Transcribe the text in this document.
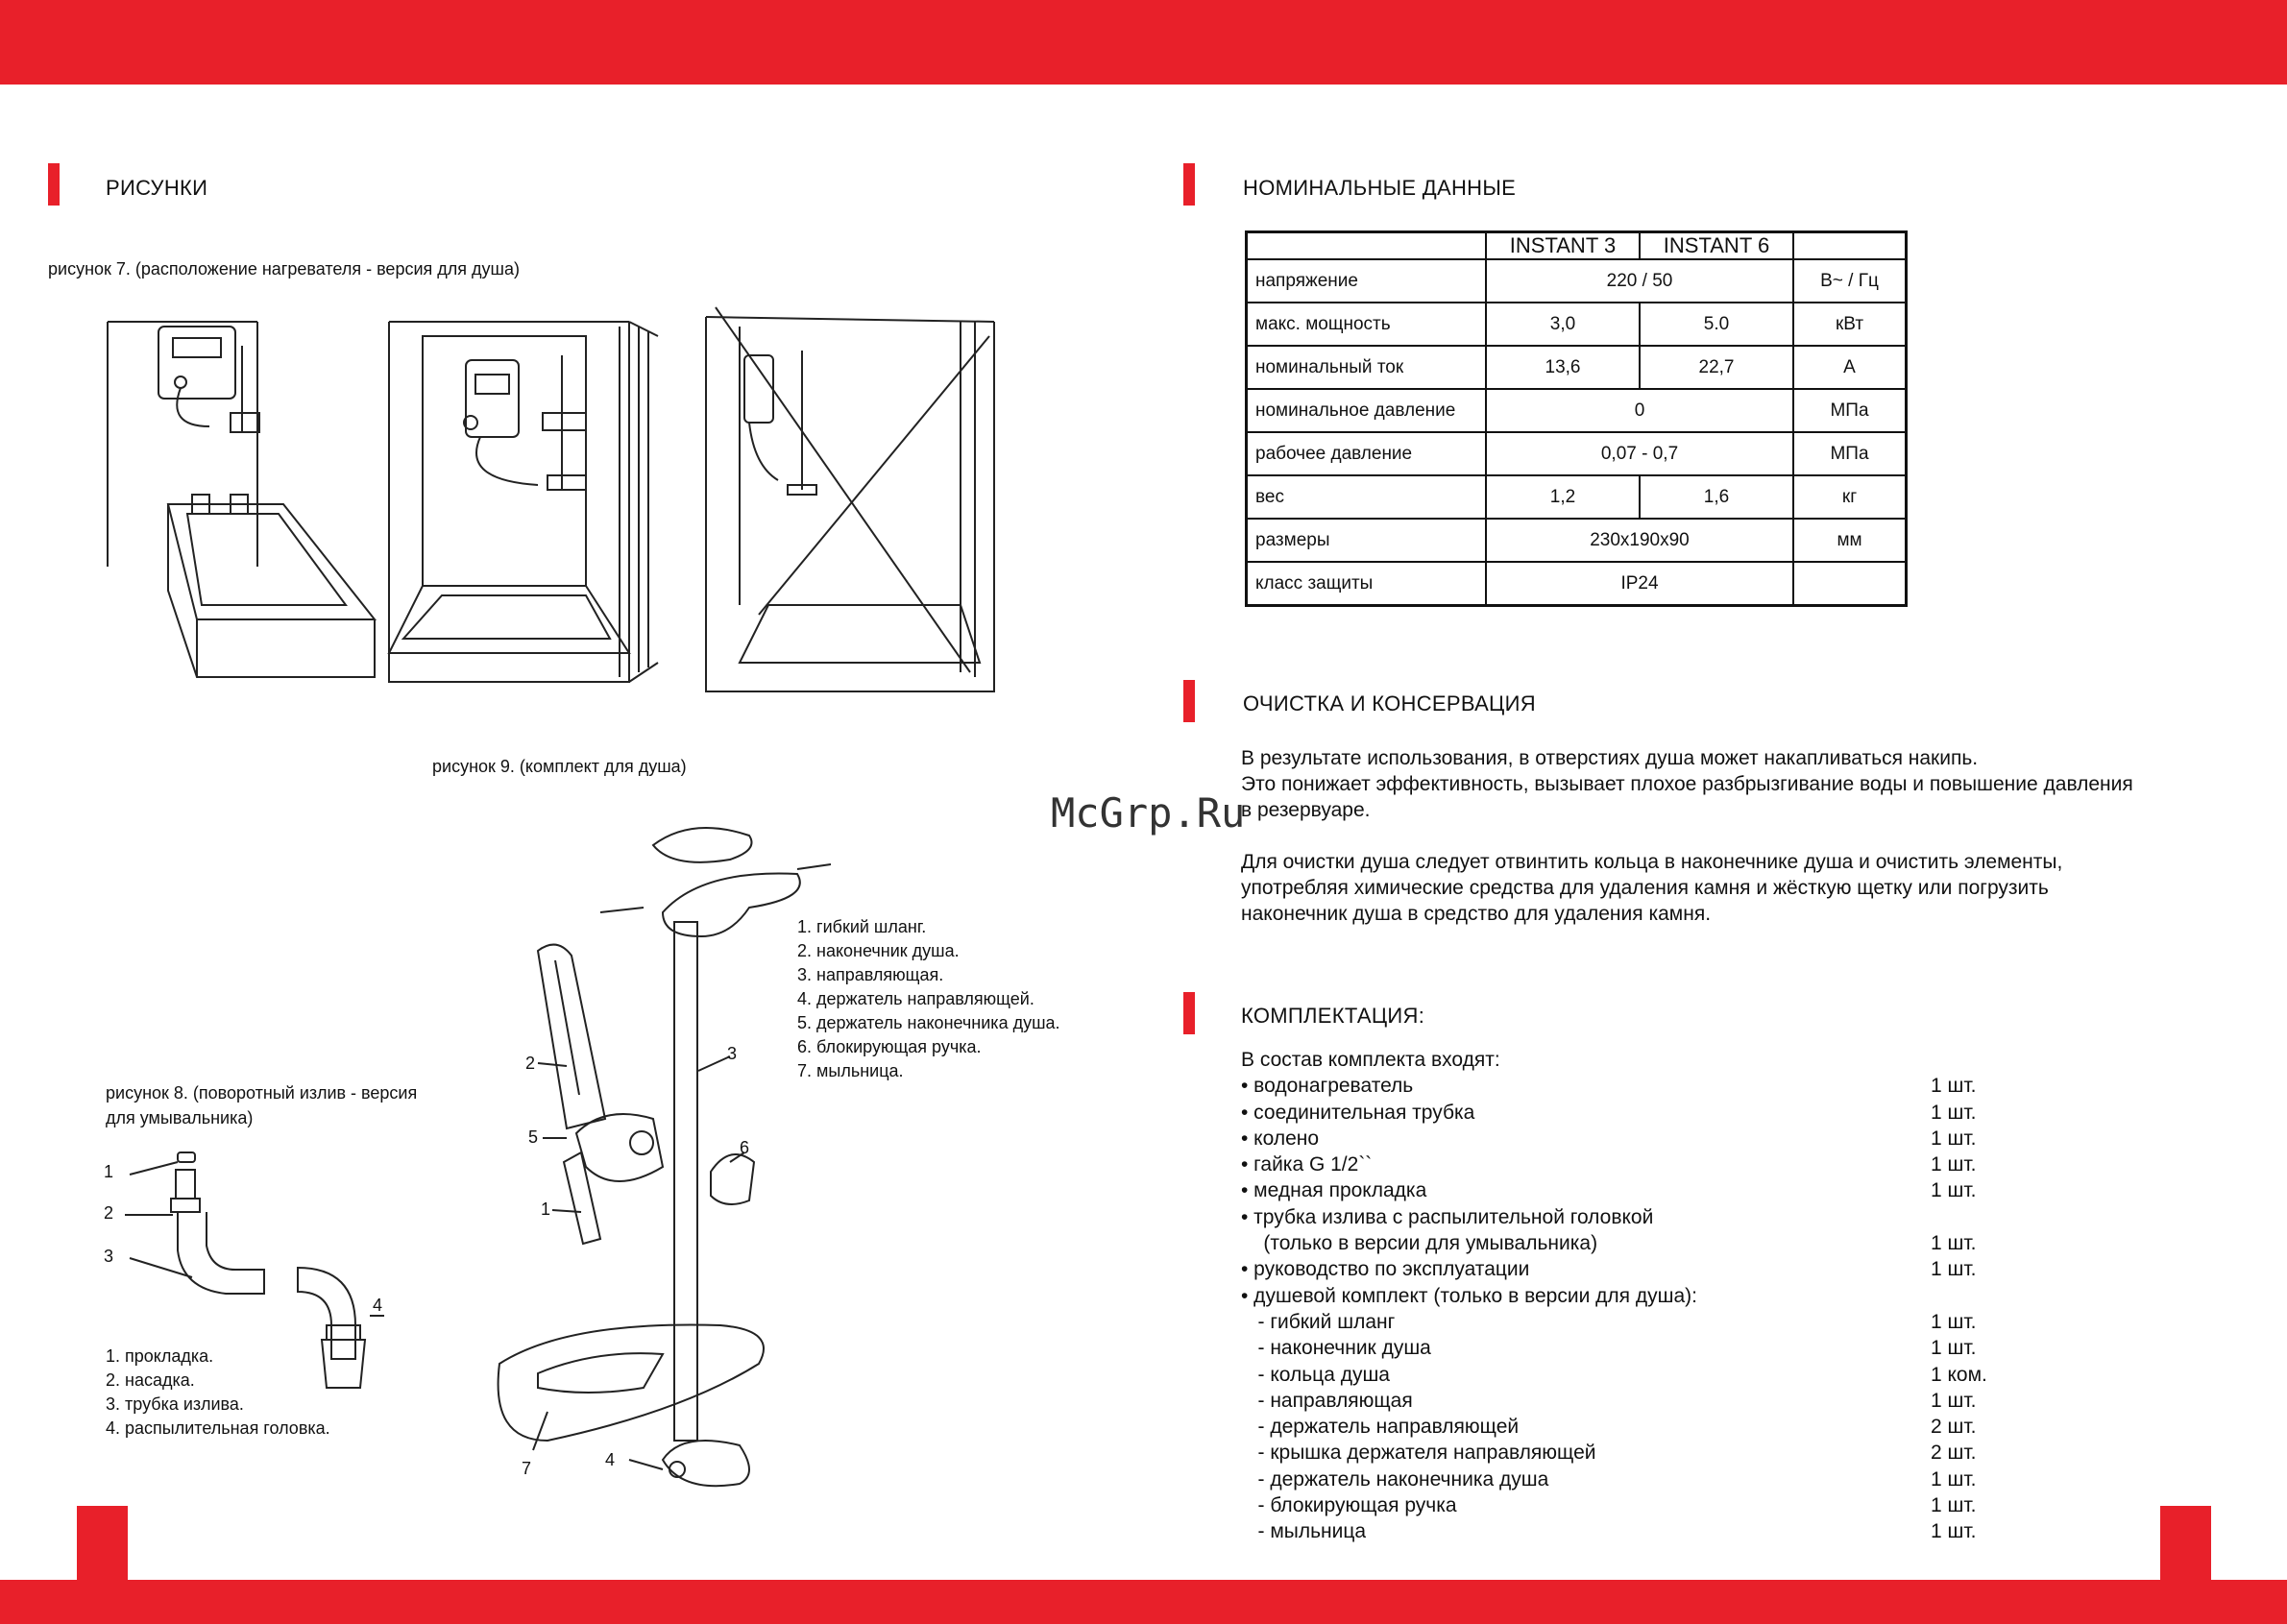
РИСУНКИ
рисунок 7. (расположение нагревателя - версия для душа)
рисунок 9. (комплект для душа)
рисунок 8. (поворотный излив - версия
для умывальника)
1. гибкий шланг.
2. наконечник душа.
3. направляющая.
4. держатель направляющей.
5. держатель наконечника душа.
6. блокирующая ручка.
7. мыльница.
1. прокладка.
2. насадка.
3. трубка излива.
4. распылительная головка.
1
2
3
4
1
2	3
4
5
6
7
McGrp.Ru
НОМИНАЛЬНЫЕ ДАННЫЕ
	INSTANT 3	INSTANT 6	
напряжение	220 / 50		В~ / Гц
макс. мощность	3,0	5.0	кВт
номинальный ток	13,6	22,7	А
номинальное давление	0		МПа
рабочее давление	0,07 - 0,7		МПа
вес	1,2	1,6	кг
размеры	230x190x90		мм
класс защиты	IP24		
ОЧИСТКА И КОНСЕРВАЦИЯ
В результате использования, в отверстиях душа может накапливаться накипь.
Это понижает эффективность, вызывает плохое разбрызгивание воды и повышение давления
в резервуаре.
Для очистки душа следует отвинтить кольца в наконечнике душа и очистить элементы,
употребляя химические средства для удаления камня и жёсткую щетку или погрузить
наконечник душа в средство для удаления камня.
КОМПЛЕКТАЦИЯ:
В состав комплекта входят:
• водонагреватель	1 шт.
• соединительная трубка	1 шт.
• колено	1 шт.
• гайка G 1/2``	1 шт.
• медная прокладка	1 шт.
• трубка излива с распылительной головкой
(только в версии для умывальника)	1 шт.
• руководство по эксплуатации	1 шт.
• душевой комплект (только в версии для душа):
- гибкий шланг	1 шт.
- наконечник душа	1 шт.
- кольца душа	1 ком.
- направляющая	1 шт.
- держатель направляющей	2 шт.
- крышка держателя направляющей	2 шт.
- держатель наконечника душа	1 шт.
- блокирующая ручка	1 шт.
- мыльница	1 шт.
